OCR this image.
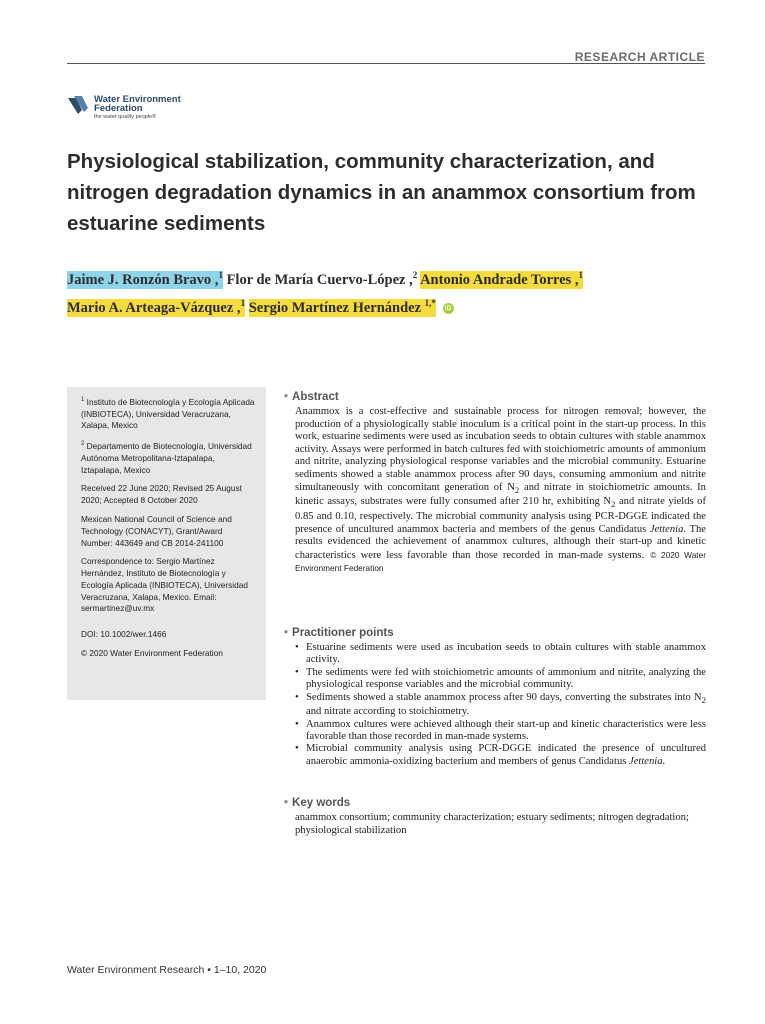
RESEARCH ARTICLE
Water Environment
Federation
the water quality people®
Physiological stabilization, community characterization, and nitrogen degradation dynamics in an anammox consortium from estuarine sediments
Jaime J. Ronzón Bravo ,$^1$ Flor de María Cuervo-López ,$^2$ Antonio Andrade Torres ,$^1$
Mario A. Arteaga-Vázquez ,$^1$ Sergio Martínez Hernández $^{1,*}$ iD

$^1$ Instituto de Biotecnología y Ecología Aplicada (INBIOTECA), Universidad Veracruzana, Xalapa, Mexico

$^2$ Departamento de Biotecnología, Universidad Autónoma Metropolitana-Iztapalapa, Iztapalapa, Mexico

Received 22 June 2020; Revised 25 August 2020; Accepted 8 October 2020

Mexican National Council of Science and Technology (CONACYT), Grant/Award Number: 443649 and CB 2014-241100

Correspondence to: Sergio Martínez Hernández, Instituto de Biotecnología y Ecología Aplicada (INBIOTECA), Universidad Veracruzana, Xalapa, Mexico. Email: sermartinez@uv.mx

DOI: 10.1002/wer.1466

© 2020 Water Environment Federation

• Abstract

Anammox is a cost-effective and sustainable process for nitrogen removal; however, the production of a physiologically stable inoculum is a critical point in the start-up process. In this work, estuarine sediments were used as incubation seeds to obtain cultures with stable anammox activity. Assays were performed in batch cultures fed with stoichiometric amounts of ammonium and nitrite, analyzing physiological response variables and the microbial community. Estuarine sediments showed a stable anammox process after 90 days, consuming ammonium and nitrite simultaneously with concomitant generation of $N_2$ and nitrate in stoichiometric amounts. In kinetic assays, substrates were fully consumed after 210 hr, exhibiting $N_2$ and nitrate yields of 0.85 and 0.10, respectively. The microbial community analysis using PCR-DGGE indicated the presence of uncultured anammox bacteria and members of the genus Candidatus Jettenia. The results evidenced the achievement of anammox cultures, although their start-up and kinetic characteristics were less favorable than those recorded in man-made systems. © 2020 Water Environment Federation

• Practitioner points
• Estuarine sediments were used as incubation seeds to obtain cultures with stable anammox activity.
• The sediments were fed with stoichiometric amounts of ammonium and nitrite, analyzing the physiological response variables and the microbial community.
• Sediments showed a stable anammox process after 90 days, converting the substrates into $N_2$ and nitrate according to stoichiometry.
• Anammox cultures were achieved although their start-up and kinetic characteristics were less favorable than those recorded in man-made systems.
• Microbial community analysis using PCR-DGGE indicated the presence of uncultured anaerobic ammonia-oxidizing bacterium and members of genus Candidatus Jettenia.
• Key words

anammox consortium; community characterization; estuary sediments; nitrogen degradation; physiological stabilization

Water Environment Research • 1–10, 2020
